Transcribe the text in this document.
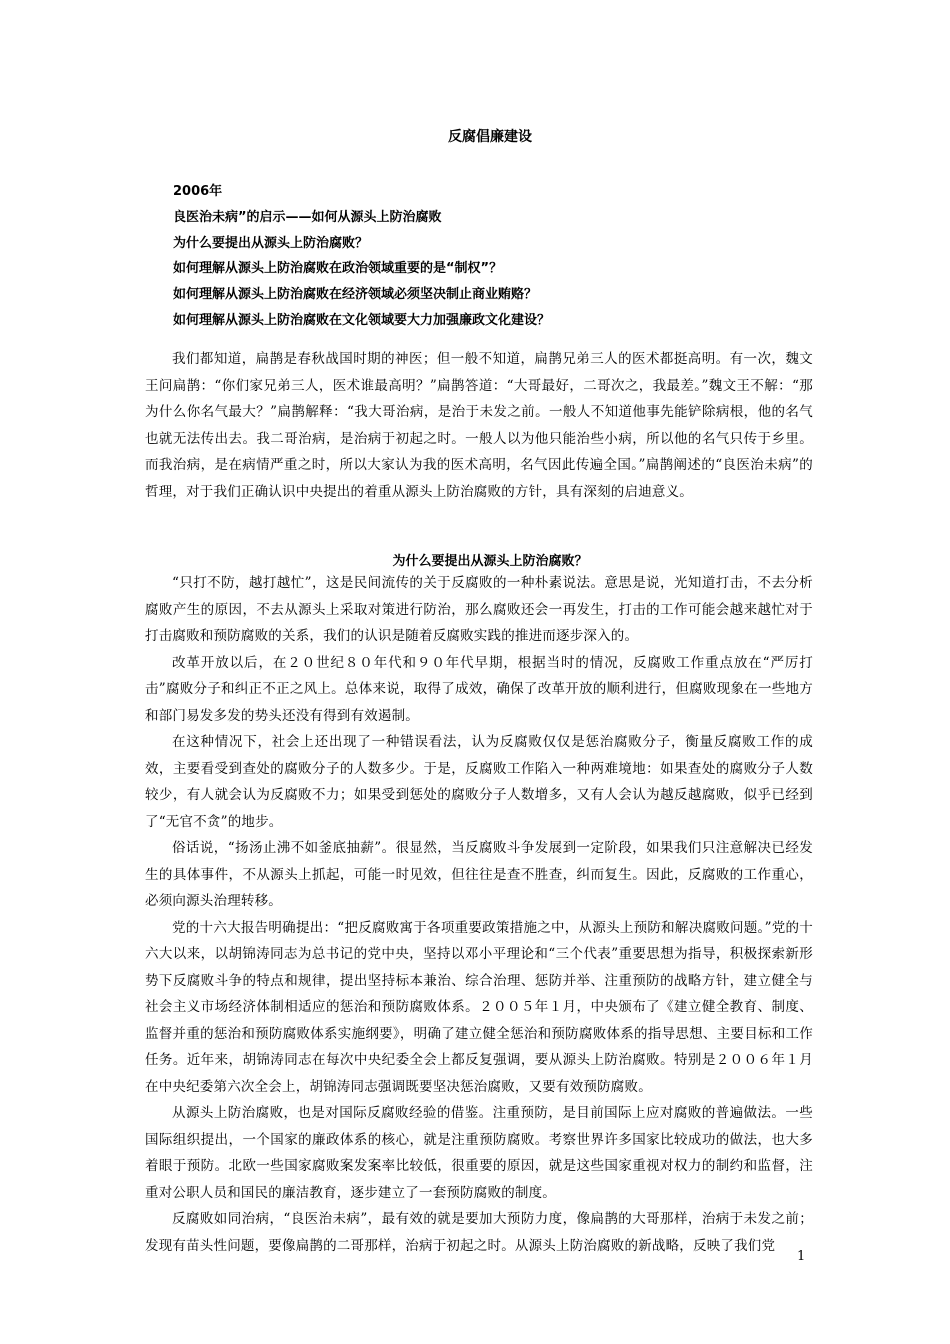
反腐倡廉建设
2006年
良医治未病”的启示——如何从源头上防治腐败
为什么要提出从源头上防治腐败？
如何理解从源头上防治腐败在政治领域重要的是“制权”？
如何理解从源头上防治腐败在经济领域必须坚决制止商业贿赂？
如何理解从源头上防治腐败在文化领域要大力加强廉政文化建设？

我们都知道，扁鹊是春秋战国时期的神医；但一般不知道，扁鹊兄弟三人的医术都挺高明。有一次，魏文王问扁鹊：“你们家兄弟三人，医术谁最高明？”扁鹊答道：“大哥最好，二哥次之，我最差。”魏文王不解：“那为什么你名气最大？”扁鹊解释：“我大哥治病，是治于未发之前。一般人不知道他事先能铲除病根，他的名气也就无法传出去。我二哥治病，是治病于初起之时。一般人以为他只能治些小病，所以他的名气只传于乡里。而我治病，是在病情严重之时，所以大家认为我的医术高明，名气因此传遍全国。”扁鹊阐述的“良医治未病”的哲理，对于我们正确认识中央提出的着重从源头上防治腐败的方针，具有深刻的启迪意义。

为什么要提出从源头上防治腐败？

“只打不防，越打越忙”，这是民间流传的关于反腐败的一种朴素说法。意思是说，光知道打击，不去分析腐败产生的原因，不去从源头上采取对策进行防治，那么腐败还会一再发生，打击的工作可能会越来越忙对于打击腐败和预防腐败的关系，我们的认识是随着反腐败实践的推进而逐步深入的。

改革开放以后，在２０世纪８０年代和９０年代早期，根据当时的情况，反腐败工作重点放在“严厉打击”腐败分子和纠正不正之风上。总体来说，取得了成效，确保了改革开放的顺利进行，但腐败现象在一些地方和部门易发多发的势头还没有得到有效遏制。

在这种情况下，社会上还出现了一种错误看法，认为反腐败仅仅是惩治腐败分子，衡量反腐败工作的成效，主要看受到查处的腐败分子的人数多少。于是，反腐败工作陷入一种两难境地：如果查处的腐败分子人数较少，有人就会认为反腐败不力；如果受到惩处的腐败分子人数增多，又有人会认为越反越腐败，似乎已经到了“无官不贪”的地步。

俗话说，“扬汤止沸不如釜底抽薪”。很显然，当反腐败斗争发展到一定阶段，如果我们只注意解决已经发生的具体事件，不从源头上抓起，可能一时见效，但往往是查不胜查，纠而复生。因此，反腐败的工作重心，必须向源头治理转移。

党的十六大报告明确提出：“把反腐败寓于各项重要政策措施之中，从源头上预防和解决腐败问题。”党的十六大以来，以胡锦涛同志为总书记的党中央，坚持以邓小平理论和“三个代表”重要思想为指导，积极探索新形势下反腐败斗争的特点和规律，提出坚持标本兼治、综合治理、惩防并举、注重预防的战略方针，建立健全与社会主义市场经济体制相适应的惩治和预防腐败体系。２００５年１月，中央颁布了《建立健全教育、制度、监督并重的惩治和预防腐败体系实施纲要》，明确了建立健全惩治和预防腐败体系的指导思想、主要目标和工作任务。近年来，胡锦涛同志在每次中央纪委全会上都反复强调，要从源头上防治腐败。特别是２００６年１月在中央纪委第六次全会上，胡锦涛同志强调既要坚决惩治腐败，又要有效预防腐败。

从源头上防治腐败，也是对国际反腐败经验的借鉴。注重预防，是目前国际上应对腐败的普遍做法。一些国际组织提出，一个国家的廉政体系的核心，就是注重预防腐败。考察世界许多国家比较成功的做法，也大多着眼于预防。北欧一些国家腐败案发案率比较低，很重要的原因，就是这些国家重视对权力的制约和监督，注重对公职人员和国民的廉洁教育，逐步建立了一套预防腐败的制度。

反腐败如同治病，“良医治未病”，最有效的就是要加大预防力度，像扁鹊的大哥那样，治病于未发之前；发现有苗头性问题，要像扁鹊的二哥那样，治病于初起之时。从源头上防治腐败的新战略，反映了我们党

1
